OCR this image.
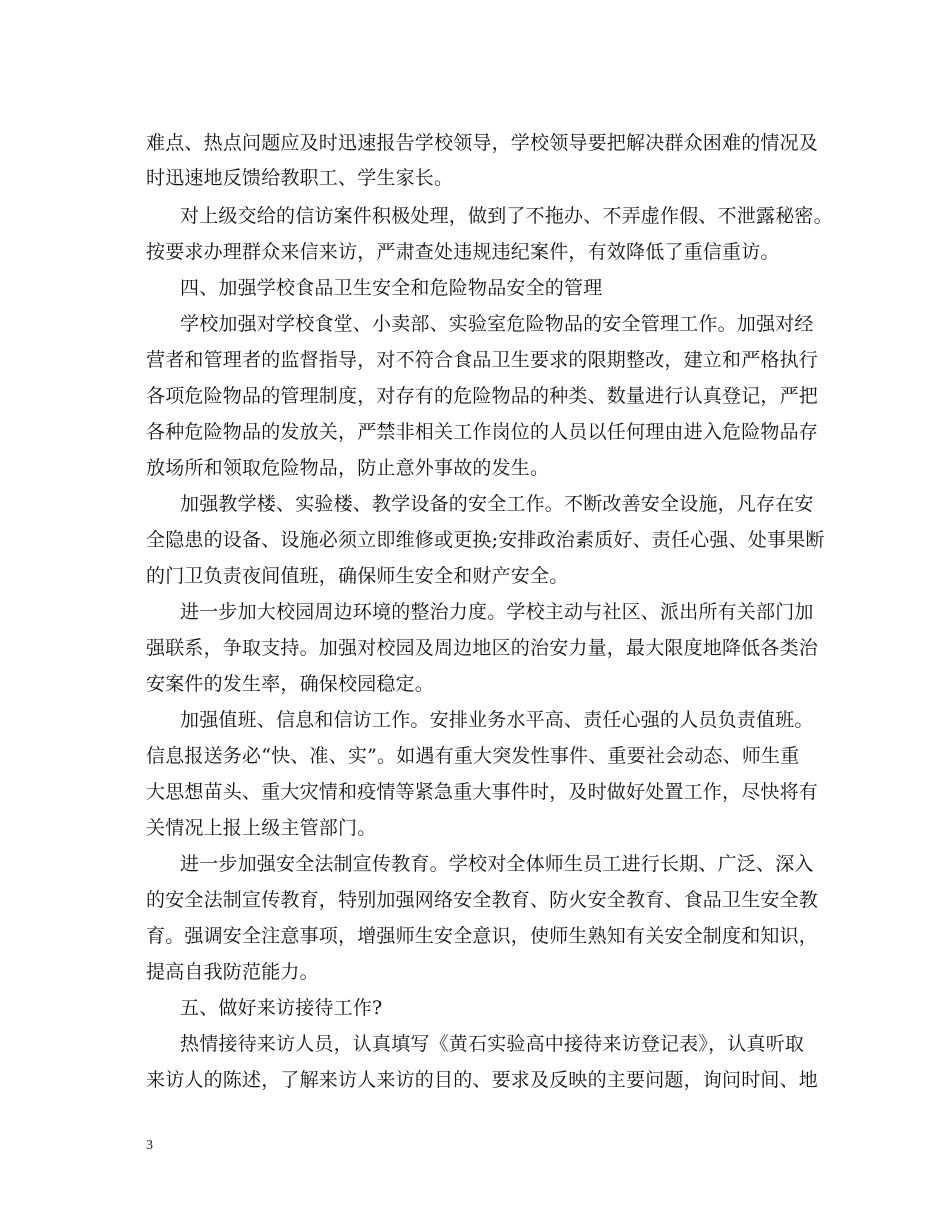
难点、热点问题应及时迅速报告学校领导，学校领导要把解决群众困难的情况及
时迅速地反馈给教职工、学生家长。
对上级交给的信访案件积极处理，做到了不拖办、不弄虚作假、不泄露秘密。
按要求办理群众来信来访，严肃查处违规违纪案件，有效降低了重信重访。
四、加强学校食品卫生安全和危险物品安全的管理
学校加强对学校食堂、小卖部、实验室危险物品的安全管理工作。加强对经
营者和管理者的监督指导，对不符合食品卫生要求的限期整改，建立和严格执行
各项危险物品的管理制度，对存有的危险物品的种类、数量进行认真登记，严把
各种危险物品的发放关，严禁非相关工作岗位的人员以任何理由进入危险物品存
放场所和领取危险物品，防止意外事故的发生。
加强教学楼、实验楼、教学设备的安全工作。不断改善安全设施，凡存在安
全隐患的设备、设施必须立即维修或更换;安排政治素质好、责任心强、处事果断
的门卫负责夜间值班，确保师生安全和财产安全。
进一步加大校园周边环境的整治力度。学校主动与社区、派出所有关部门加
强联系，争取支持。加强对校园及周边地区的治安力量，最大限度地降低各类治
安案件的发生率，确保校园稳定。
加强值班、信息和信访工作。安排业务水平高、责任心强的人员负责值班。
信息报送务必“快、准、实”。如遇有重大突发性事件、重要社会动态、师生重
大思想苗头、重大灾情和疫情等紧急重大事件时，及时做好处置工作，尽快将有
关情况上报上级主管部门。
进一步加强安全法制宣传教育。学校对全体师生员工进行长期、广泛、深入
的安全法制宣传教育，特别加强网络安全教育、防火安全教育、食品卫生安全教
育。强调安全注意事项，增强师生安全意识，使师生熟知有关安全制度和知识，
提高自我防范能力。
五、做好来访接待工作?
热情接待来访人员，认真填写《黄石实验高中接待来访登记表》，认真听取
来访人的陈述，了解来访人来访的目的、要求及反映的主要问题，询问时间、地
3
